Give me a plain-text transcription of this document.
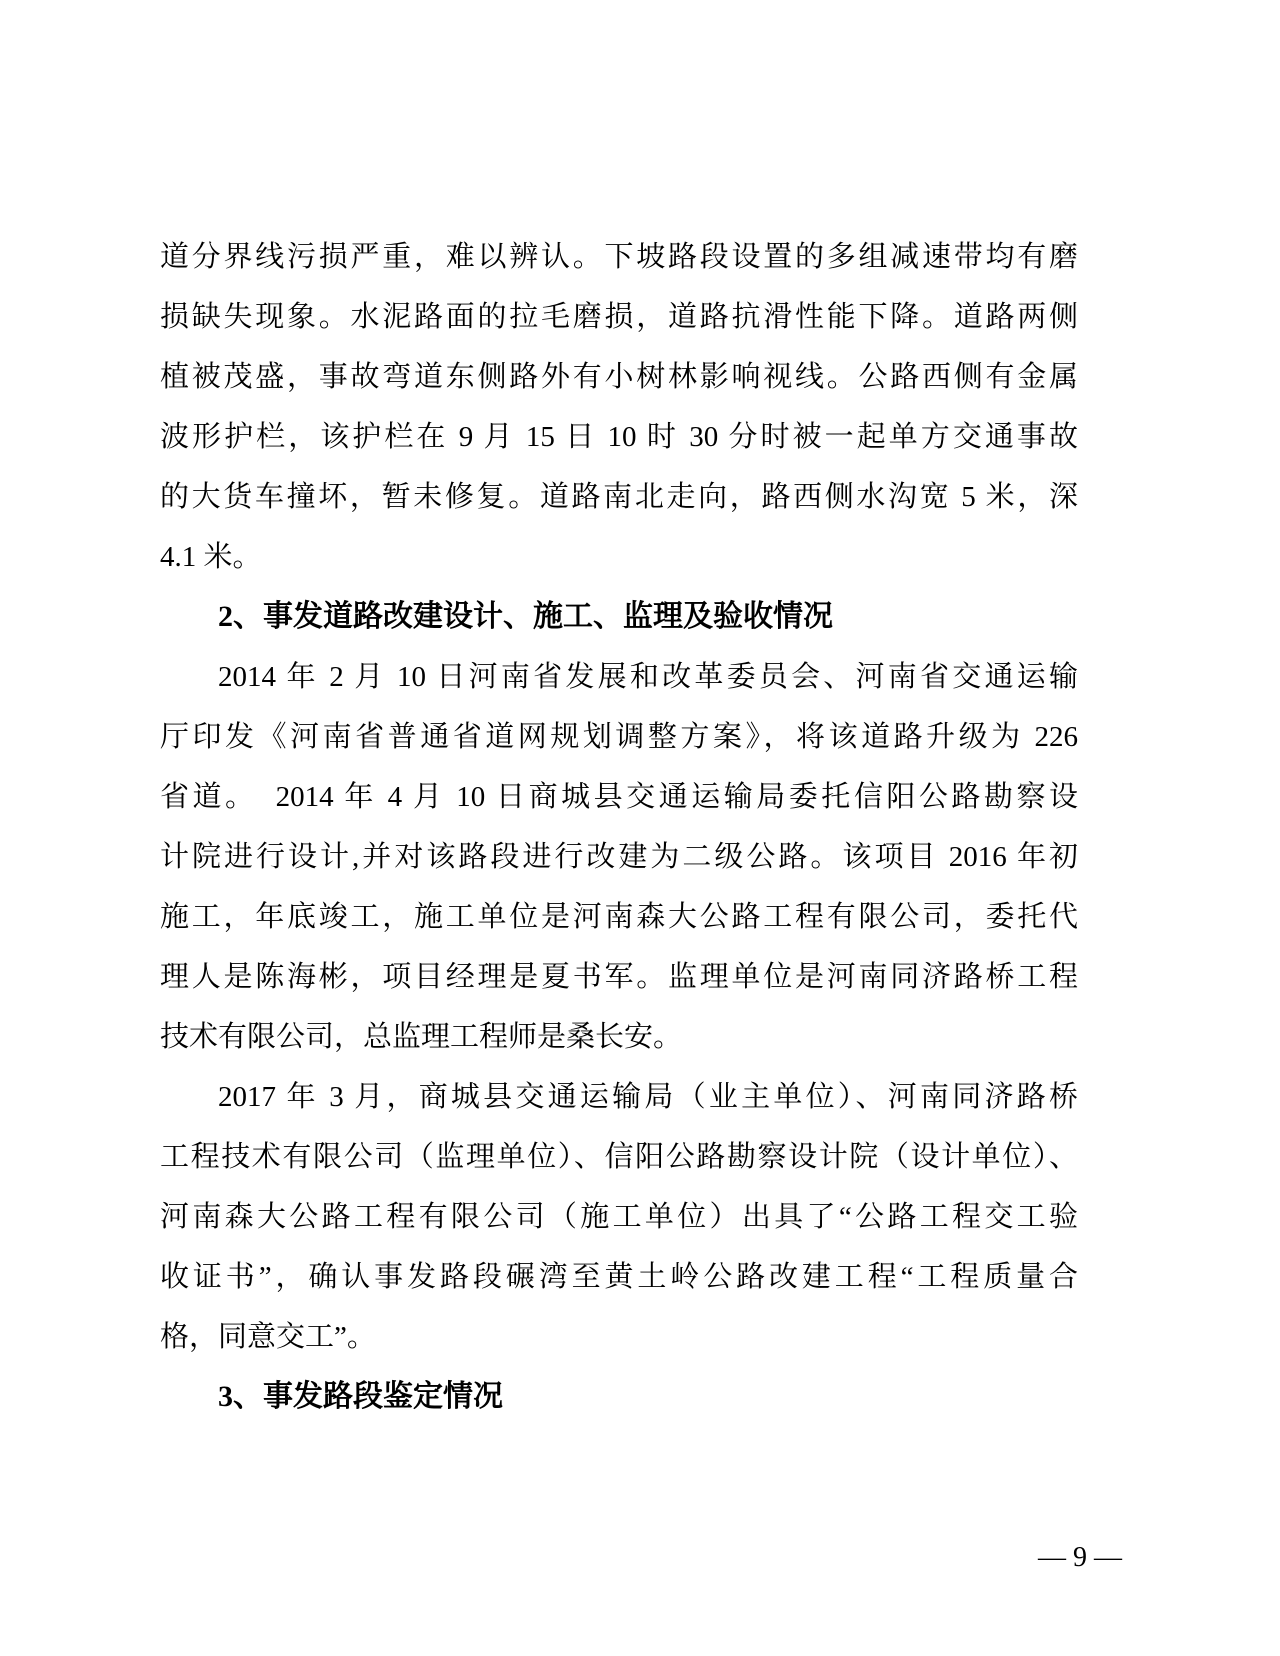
道分界线污损严重，难以辨认。下坡路段设置的多组减速带均有磨
损缺失现象。水泥路面的拉毛磨损，道路抗滑性能下降。道路两侧
植被茂盛，事故弯道东侧路外有小树林影响视线。公路西侧有金属
波形护栏，该护栏在 9 月 15 日 10 时 30 分时被一起单方交通事故
的大货车撞坏，暂未修复。道路南北走向，路西侧水沟宽 5 米，深
4.1 米。
2、事发道路改建设计、施工、监理及验收情况
2014 年 2 月 10 日河南省发展和改革委员会、河南省交通运输
厅印发《河南省普通省道网规划调整方案》，将该道路升级为 226
省道。　2014 年 4 月 10 日商城县交通运输局委托信阳公路勘察设
计院进行设计,并对该路段进行改建为二级公路。该项目 2016 年初
施工，年底竣工，施工单位是河南森大公路工程有限公司，委托代
理人是陈海彬，项目经理是夏书军。监理单位是河南同济路桥工程
技术有限公司，总监理工程师是桑长安。
2017 年 3 月，商城县交通运输局（业主单位）、河南同济路桥
工程技术有限公司（监理单位）、信阳公路勘察设计院（设计单位）、
河南森大公路工程有限公司（施工单位）出具了“公路工程交工验
收证书”，确认事发路段碾湾至黄土岭公路改建工程“工程质量合
格，同意交工”。
3、事发路段鉴定情况
— 9 —
